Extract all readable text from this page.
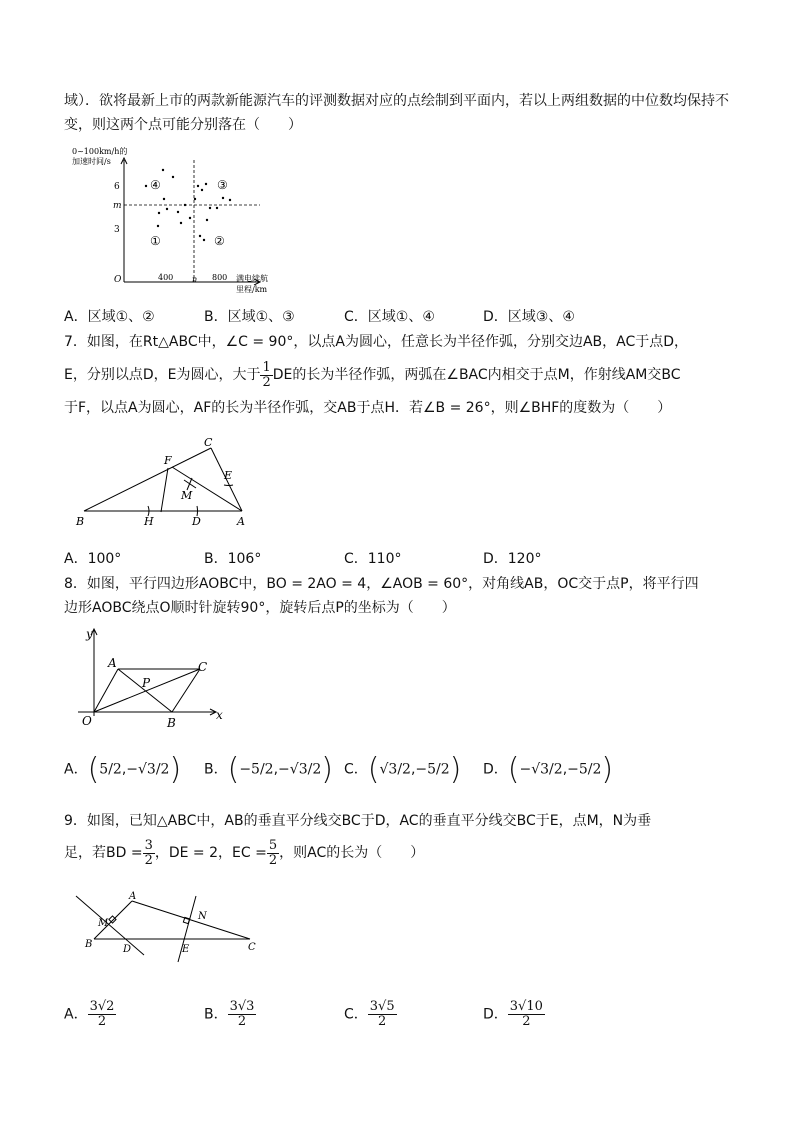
域）．欲将最新上市的两款新能源汽车的评测数据对应的点绘制到平面内，若以上两组数据的中位数均保持不
变，则这两个点可能分别落在（　　）
0~100km/h的
加速时间/s
6
m
3
O	400 n 800 满电续航
里程/km
①	②
③
④
A．区域①、②	B．区域①、③	C．区域①、④	D．区域③、④
7．如图，在Rt△ABC中，∠C = 90°，以点A为圆心，任意长为半径作弧，分别交边AB，AC于点D，
E，分别以点D，E为圆心，大于 $\frac{1}{2}$ DE的长为半径作弧，两弧在∠BAC内相交于点M，作射线AM交BC
于F，以点A为圆心，AF的长为半径作弧，交AB于点H．若∠B = 26°，则∠BHF的度数为（　　）
C
F
E
M
B	H	D	A
A．100°	B．106°	C．110°	D．120°
8．如图，平行四边形AOBC中，BO = 2AO = 4，∠AOB = 60°，对角线AB，OC交于点P，将平行四
边形AOBC绕点O顺时针旋转90°，旋转后点P的坐标为（　　）
y
A	C
P
O	B
x
A．(5/2,−√3/2) B．(−5/2,−√3/2) C．(√3/2,−5/2) D．(−√3/2,−5/2)
9．如图，已知△ABC中，AB的垂直平分线交BC于D，AC的垂直平分线交BC于E，点M，N为垂
足，若BD = $\frac{3}{2}$ ，DE = 2，EC = $\frac{5}{2}$ ，则AC的长为（　　）
A
M
N
B	D	E	C
A． $\frac{3√2}{2}$	B． $\frac{3√3}{2}$	C． $\frac{3√5}{2}$	D． $\frac{3√10}{2}$
